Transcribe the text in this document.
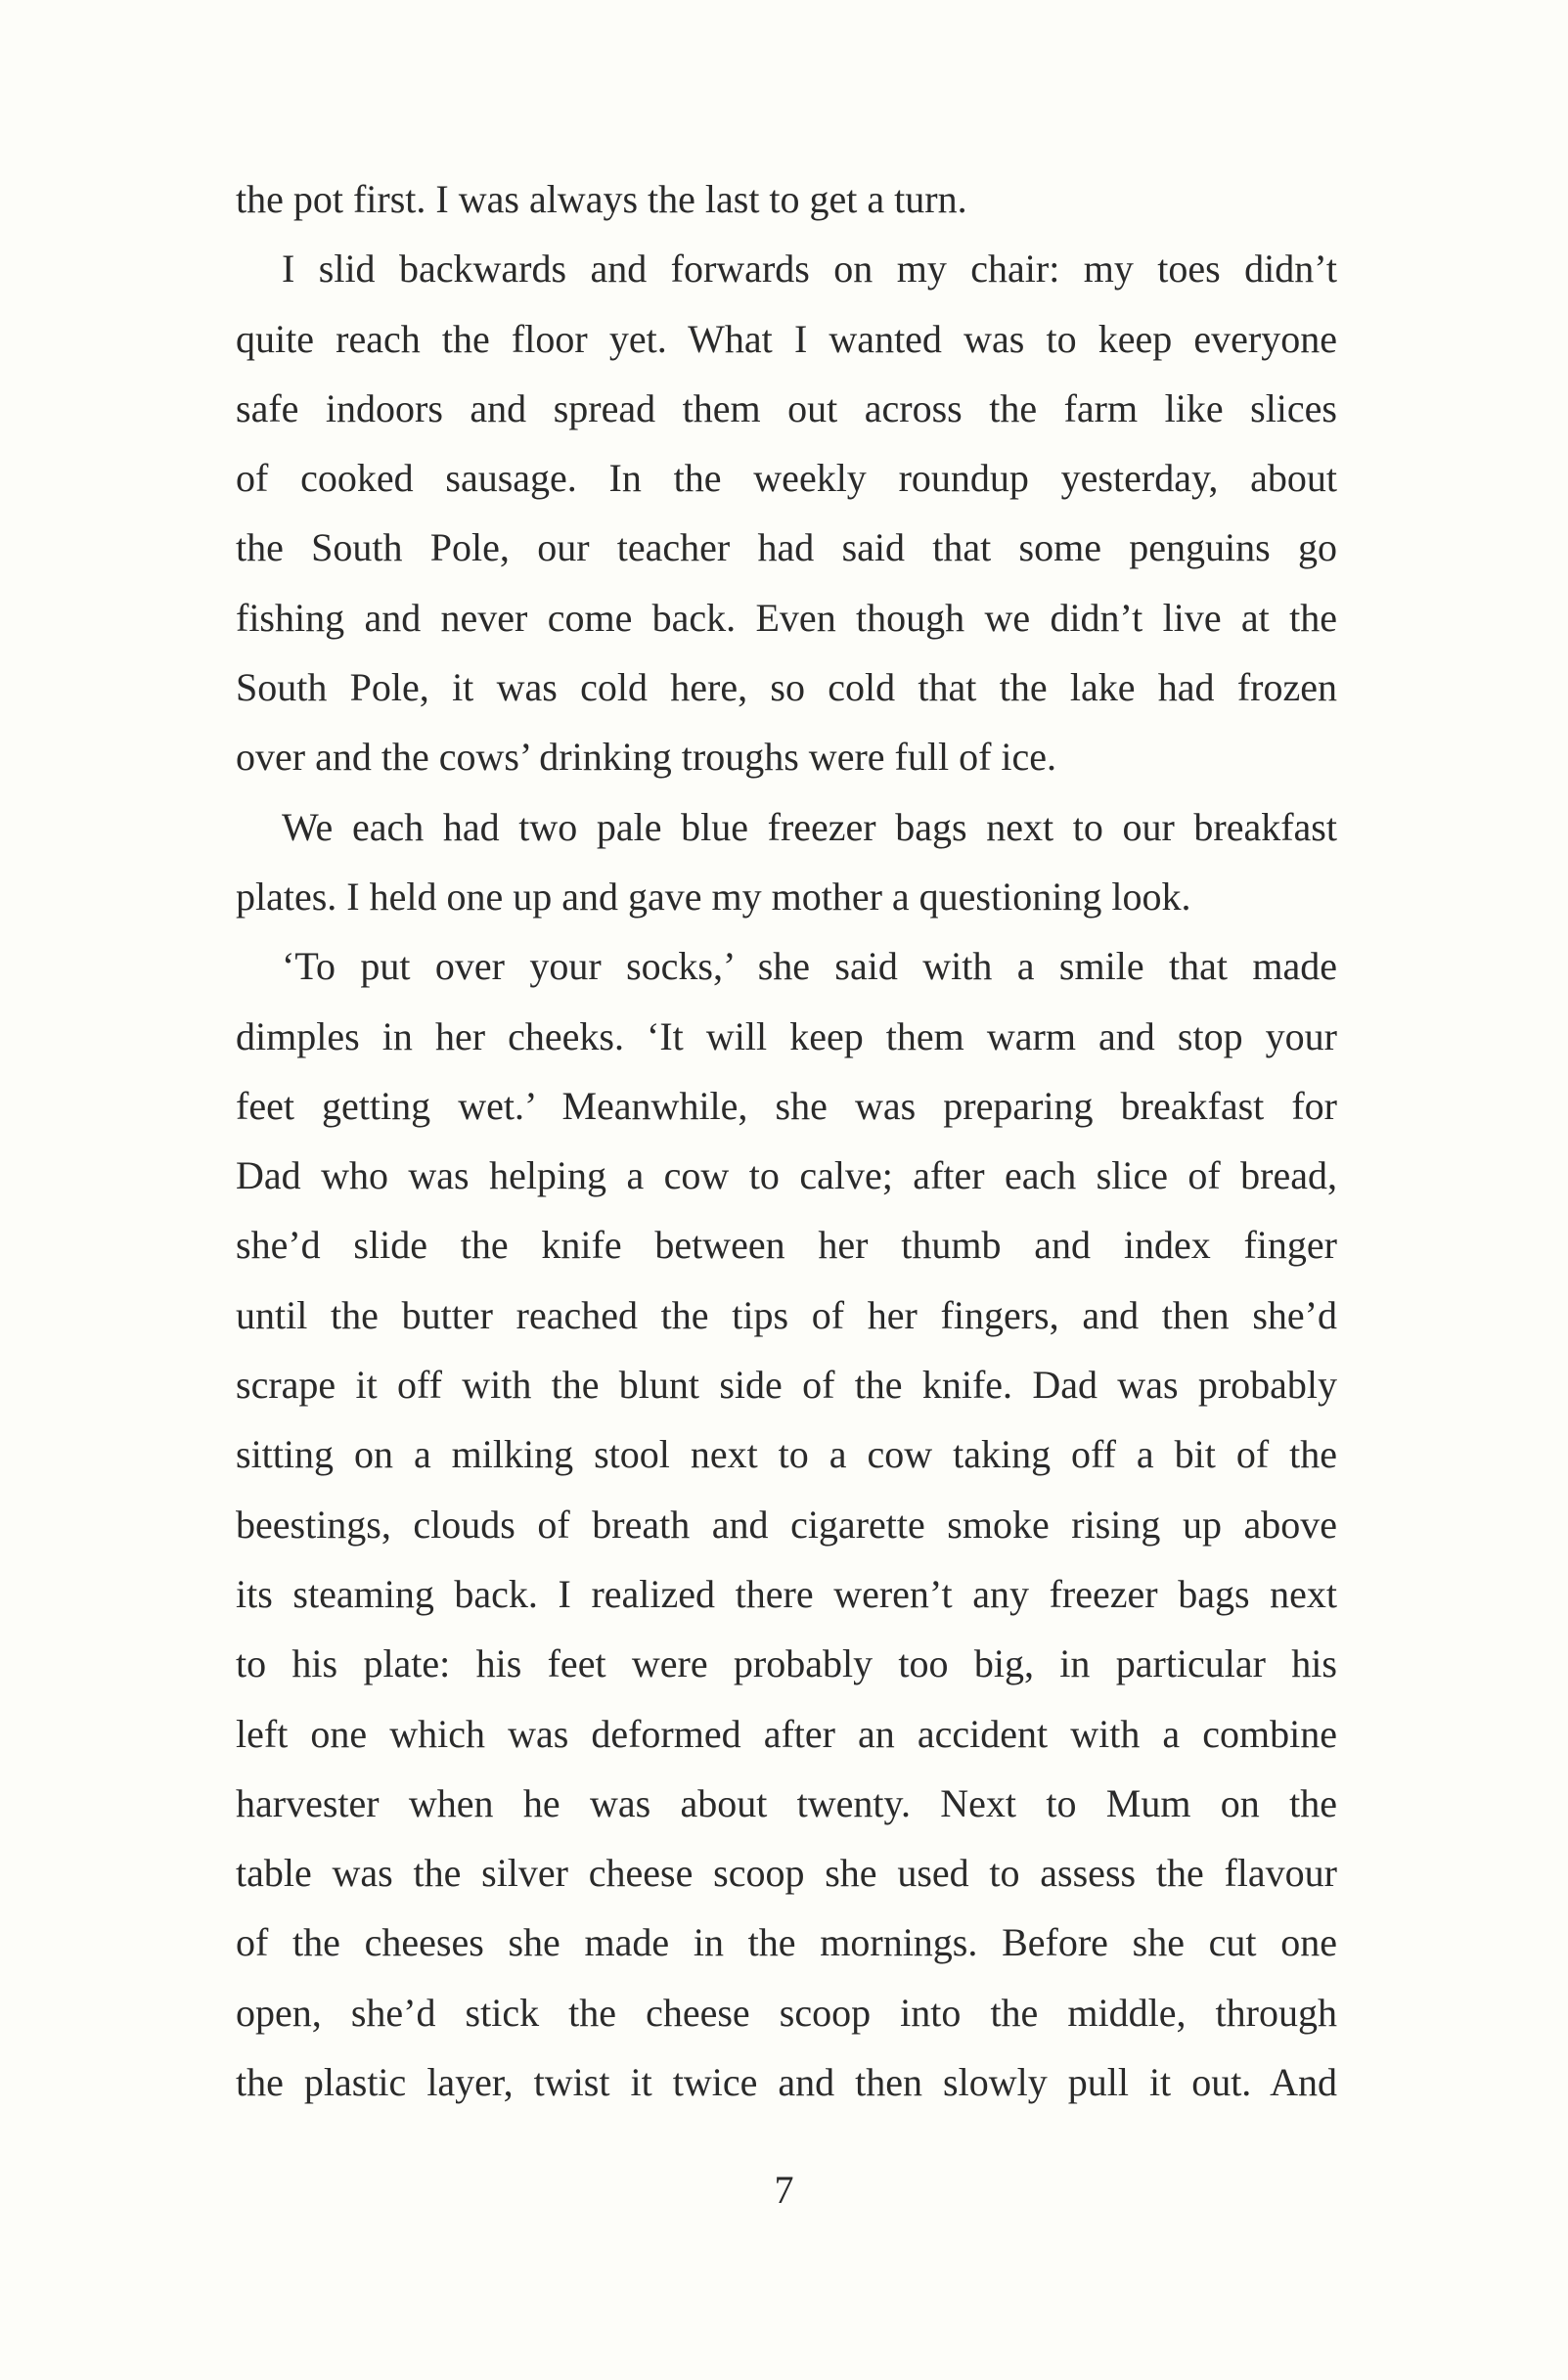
the pot first. I was always the last to get a turn.
I slid backwards and forwards on my chair: my toes didn’t
quite reach the floor yet. What I wanted was to keep everyone
safe indoors and spread them out across the farm like slices
of cooked sausage. In the weekly roundup yesterday, about
the South Pole, our teacher had said that some penguins go
fishing and never come back. Even though we didn’t live at the
South Pole, it was cold here, so cold that the lake had frozen
over and the cows’ drinking troughs were full of ice.
We each had two pale blue freezer bags next to our breakfast
plates. I held one up and gave my mother a questioning look.
‘To put over your socks,’ she said with a smile that made
dimples in her cheeks. ‘It will keep them warm and stop your
feet getting wet.’ Meanwhile, she was preparing breakfast for
Dad who was helping a cow to calve; after each slice of bread,
she’d slide the knife between her thumb and index finger
until the butter reached the tips of her fingers, and then she’d
scrape it off with the blunt side of the knife. Dad was probably
sitting on a milking stool next to a cow taking off a bit of the
beestings, clouds of breath and cigarette smoke rising up above
its steaming back. I realized there weren’t any freezer bags next
to his plate: his feet were probably too big, in particular his
left one which was deformed after an accident with a combine
harvester when he was about twenty. Next to Mum on the
table was the silver cheese scoop she used to assess the flavour
of the cheeses she made in the mornings. Before she cut one
open, she’d stick the cheese scoop into the middle, through
the plastic layer, twist it twice and then slowly pull it out. And
7
